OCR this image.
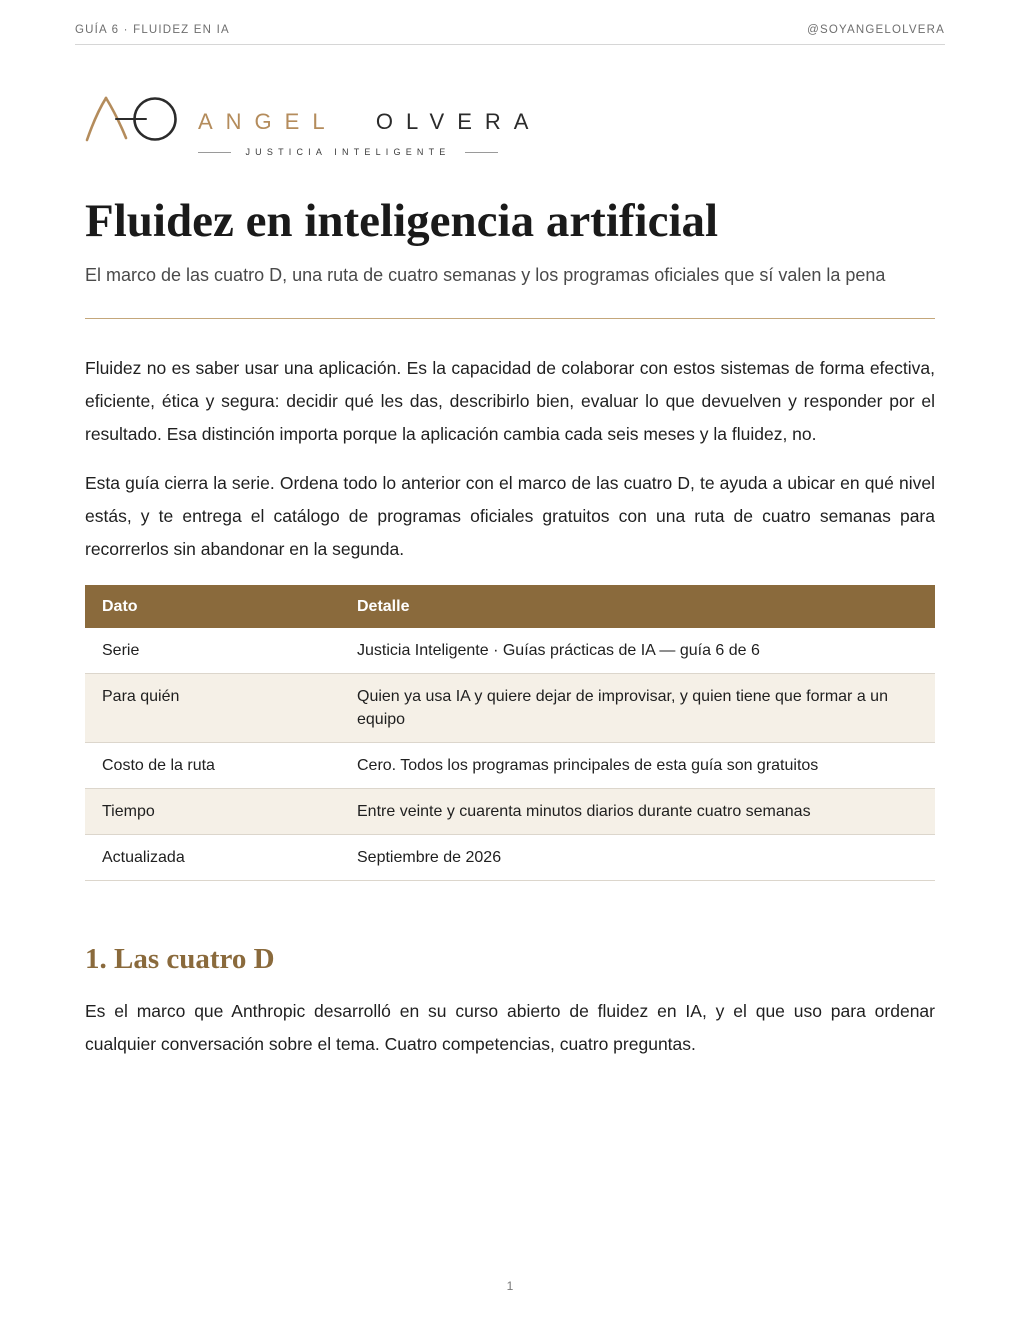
GUÍA 6 · FLUIDEZ EN IA	@SOYANGELOLVERA
ANGEL OLVERA
JUSTICIA INTELIGENTE
Fluidez en inteligencia artificial

El marco de las cuatro D, una ruta de cuatro semanas y los programas oficiales que sí valen la pena

Fluidez no es saber usar una aplicación. Es la capacidad de colaborar con estos sistemas de forma efectiva, eficiente, ética y segura: decidir qué les das, describirlo bien, evaluar lo que devuelven y responder por el resultado. Esa distinción importa porque la aplicación cambia cada seis meses y la fluidez, no.

Esta guía cierra la serie. Ordena todo lo anterior con el marco de las cuatro D, te ayuda a ubicar en qué nivel estás, y te entrega el catálogo de programas oficiales gratuitos con una ruta de cuatro semanas para recorrerlos sin abandonar en la segunda.

Dato	Detalle
Serie	Justicia Inteligente · Guías prácticas de IA — guía 6 de 6
Para quién	Quien ya usa IA y quiere dejar de improvisar, y quien tiene que formar a un equipo
Costo de la ruta	Cero. Todos los programas principales de esta guía son gratuitos
Tiempo	Entre veinte y cuarenta minutos diarios durante cuatro semanas
Actualizada	Septiembre de 2026
1. Las cuatro D

Es el marco que Anthropic desarrolló en su curso abierto de fluidez en IA, y el que uso para ordenar cualquier conversación sobre el tema. Cuatro competencias, cuatro preguntas.

1
